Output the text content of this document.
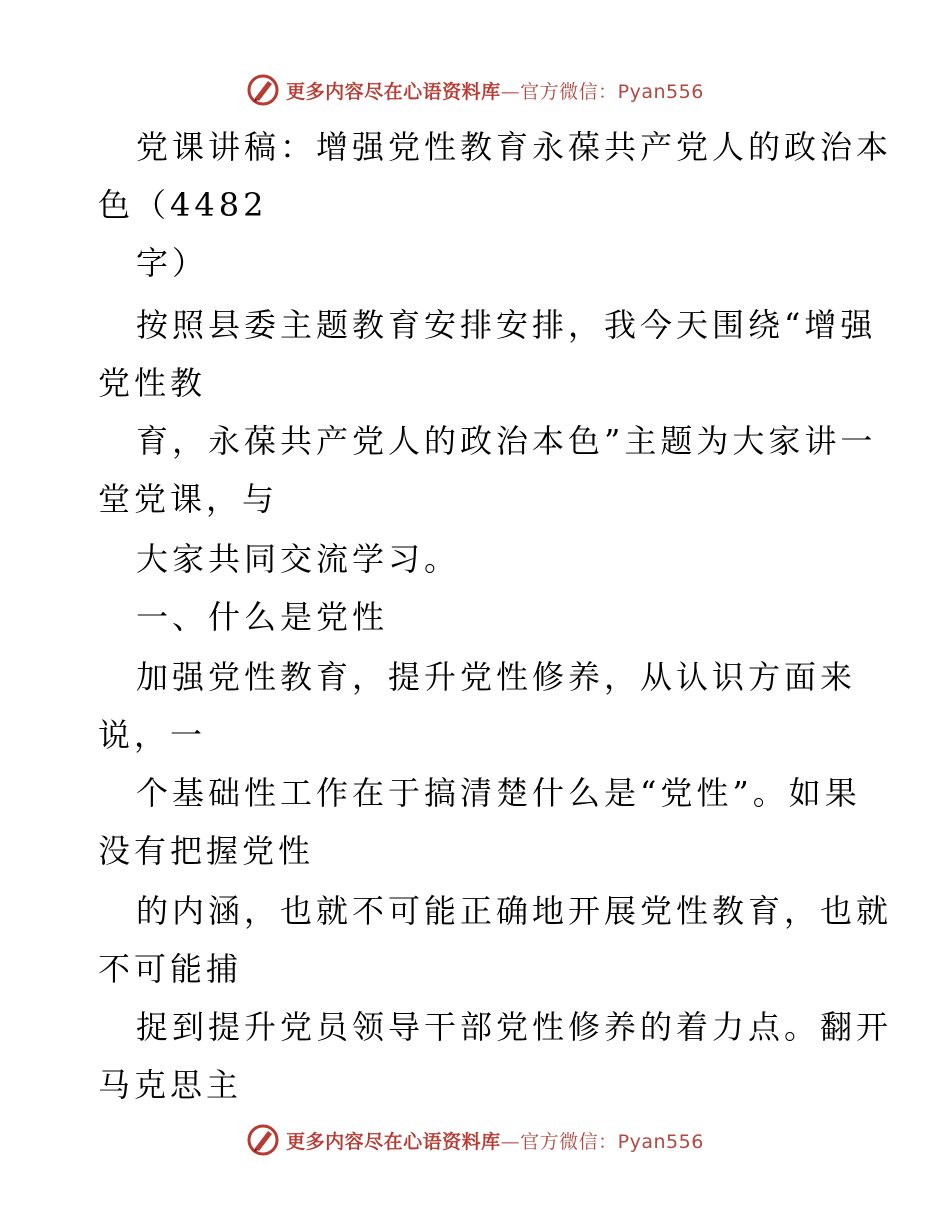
更多内容尽在心语资料库—官方微信：Pyan556
党课讲稿：增强党性教育永葆共产党人的政治本
色（4482
字）
按照县委主题教育安排安排，我今天围绕“增强
党性教
育，永葆共产党人的政治本色”主题为大家讲一
堂党课，与
大家共同交流学习。
一、什么是党性
加强党性教育，提升党性修养，从认识方面来
说，一
个基础性工作在于搞清楚什么是“党性”。如果
没有把握党性
的内涵，也就不可能正确地开展党性教育，也就
不可能捕
捉到提升党员领导干部党性修养的着力点。翻开
马克思主
更多内容尽在心语资料库—官方微信：Pyan556
